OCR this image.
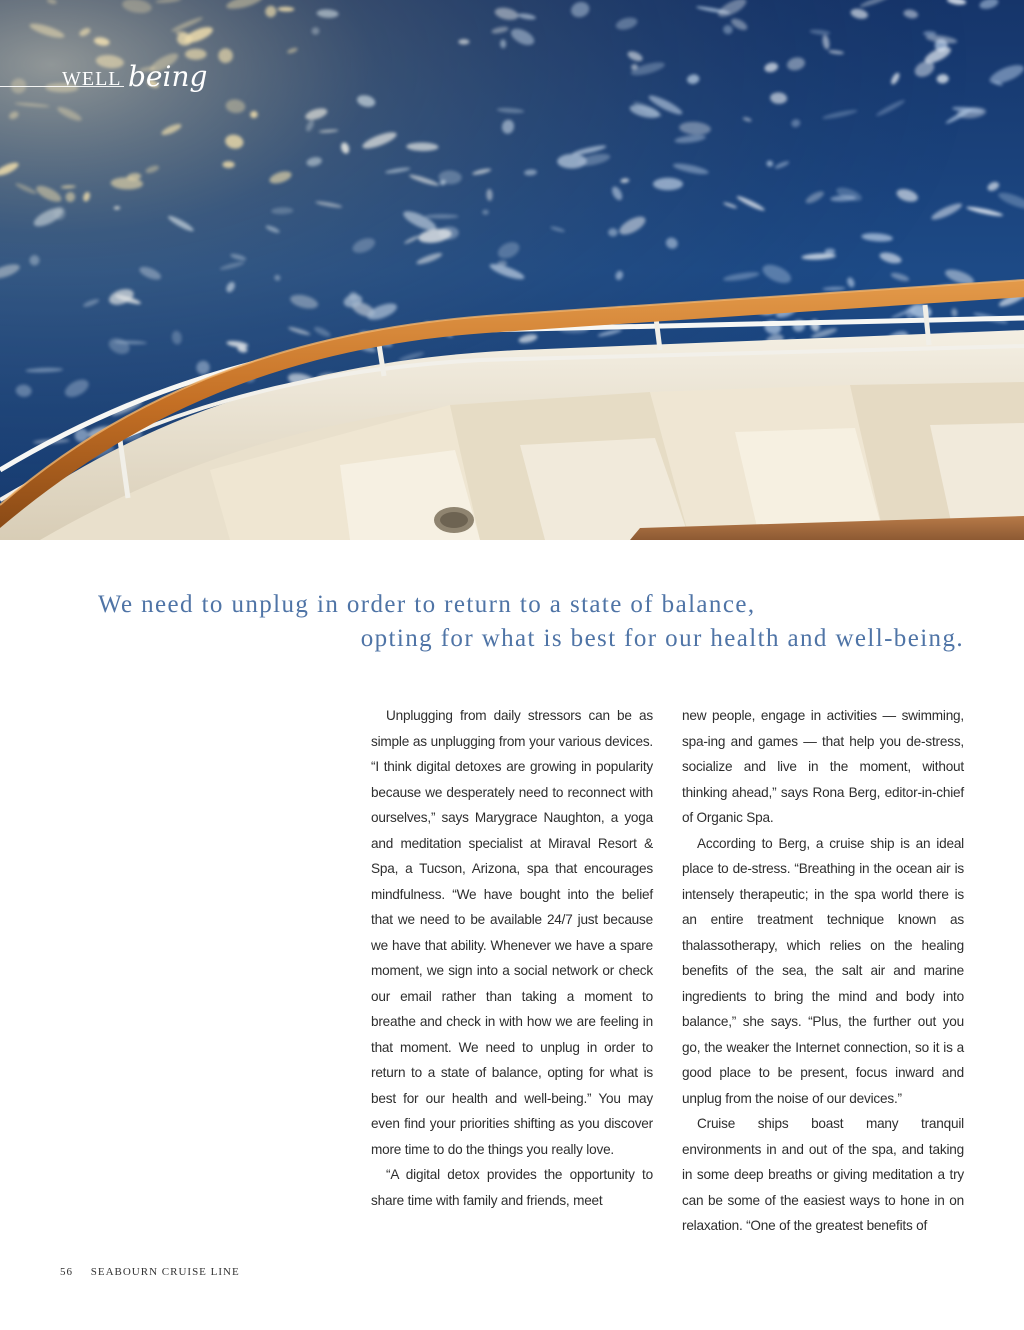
WELL being
We need to unplug in order to return to a state of balance,
opting for what is best for our health and well-being.

Unplugging from daily stressors can be as simple as unplugging from your various devices. “I think digital detoxes are growing in popularity because we desperately need to reconnect with ourselves,” says Marygrace Naughton, a yoga and meditation specialist at Miraval Resort & Spa, a Tucson, Arizona, spa that encourages mindfulness. “We have bought into the belief that we need to be available 24/7 just because we have that ability. Whenever we have a spare moment, we sign into a social network or check our email rather than taking a moment to breathe and check in with how we are feeling in that moment. We need to unplug in order to return to a state of balance, opting for what is best for our health and well-being.” You may even find your priorities shifting as you discover more time to do the things you really love.

“A digital detox provides the opportunity to share time with family and friends, meet

new people, engage in activities — swimming, spa-ing and games — that help you de-stress, socialize and live in the moment, without thinking ahead,” says Rona Berg, editor-in-chief of Organic Spa.

According to Berg, a cruise ship is an ideal place to de-stress. “Breathing in the ocean air is intensely therapeutic; in the spa world there is an entire treatment technique known as thalassotherapy, which relies on the healing benefits of the sea, the salt air and marine ingredients to bring the mind and body into balance,” she says. “Plus, the further out you go, the weaker the Internet connection, so it is a good place to be present, focus inward and unplug from the noise of our devices.”

Cruise ships boast many tranquil environments in and out of the spa, and taking in some deep breaths or giving meditation a try can be some of the easiest ways to hone in on relaxation. “One of the greatest benefits of

56 SEABOURN CRUISE LINE
